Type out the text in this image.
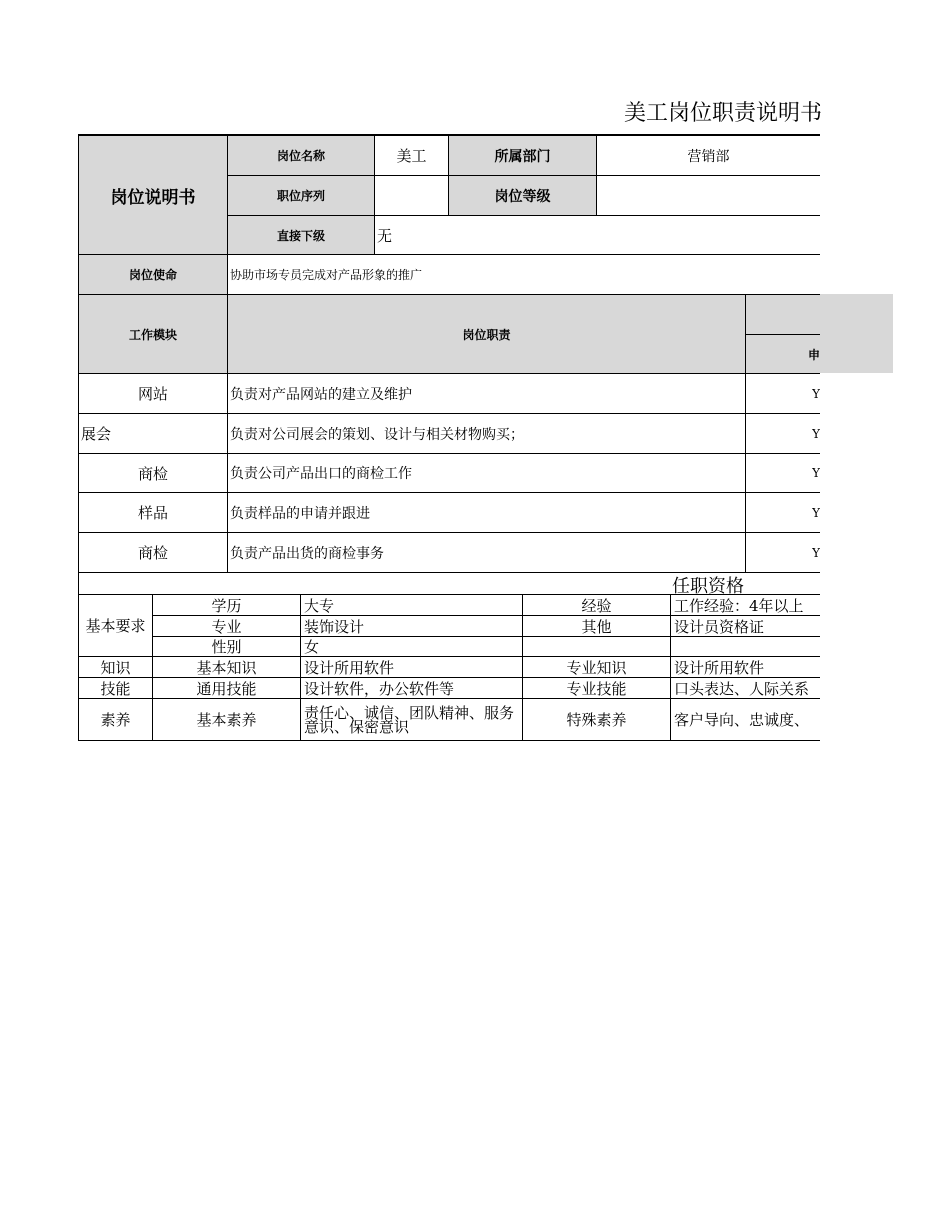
美工岗位职责说明书
岗位说明书
岗位名称	美工	所属部门	营销部
职位序列	岗位等级
直接下级	无
岗位使命	协助市场专员完成对产品形象的推广
工作模块	岗位职责
申
网站	负责对产品网站的建立及维护	Y
展会	负责对公司展会的策划、设计与相关材物购买；	Y
商检	负责公司产品出口的商检工作	Y
样品	负责样品的申请并跟进	Y
商检	负责产品出货的商检事务	Y
任职资格
基本要求
学历	大专	经验	工作经验：4年以上
专业	装饰设计	其他	设计员资格证
性别	女
知识	基本知识	设计所用软件	专业知识	设计所用软件
技能	通用技能	设计软件，办公软件等	专业技能	口头表达、人际关系
素养	基本素养	责任心、诚信、团队精神、服务意识、保密意识	特殊素养	客户导向、忠诚度、
